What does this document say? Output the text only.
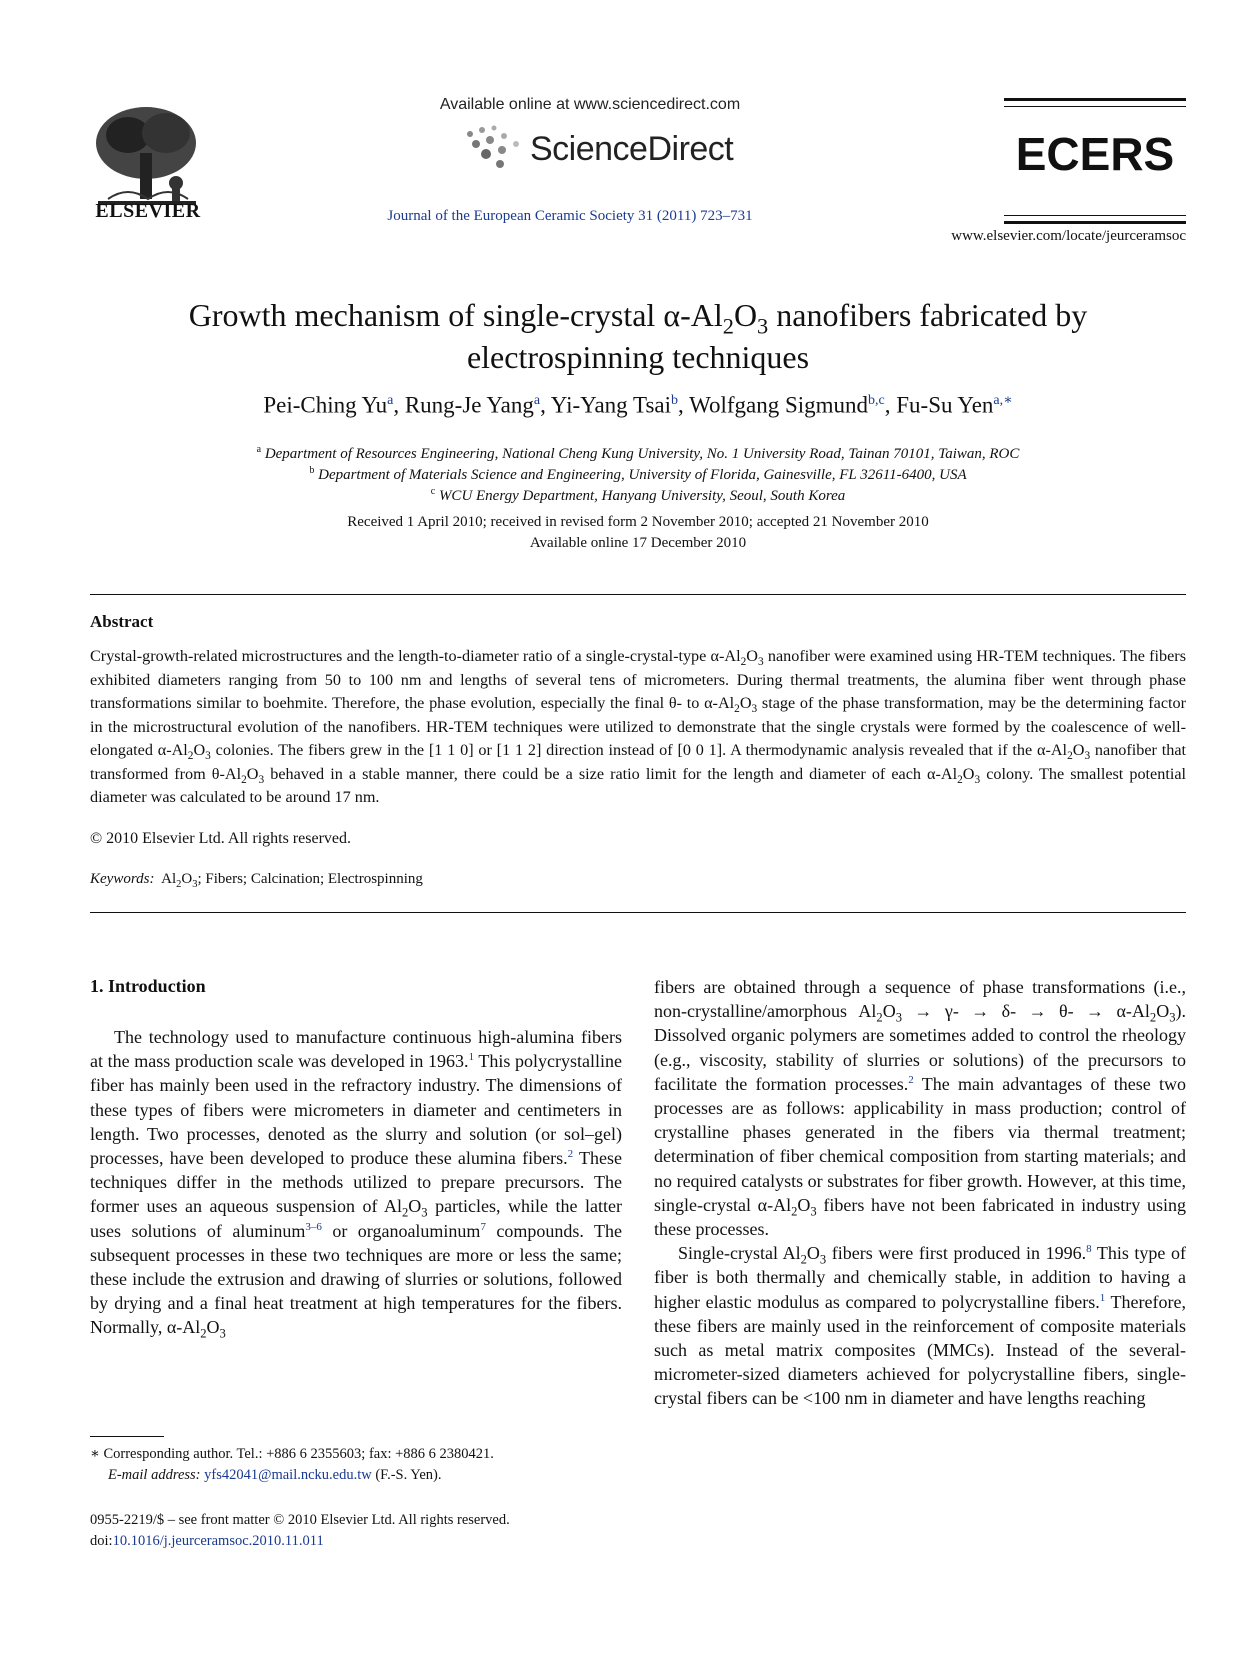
ELSEVIER
Available online at www.sciencedirect.com
ScienceDirect
Journal of the European Ceramic Society 31 (2011) 723–731
ECERS
www.elsevier.com/locate/jeurceramsoc
Growth mechanism of single-crystal $\alpha-Al_2O_3$ nanofibers fabricated by
electrospinning techniques
Pei-Ching Yu$^a$, Rung-Je Yang$^a$, Yi-Yang Tsai$^b$, Wolfgang Sigmund$^{b,c}$, Fu-Su Yen$^{a,∗}$
$^a$ Department of Resources Engineering, National Cheng Kung University, No. 1 University Road, Tainan 70101, Taiwan, ROC
$^b$ Department of Materials Science and Engineering, University of Florida, Gainesville, FL 32611-6400, USA
$^c$ WCU Energy Department, Hanyang University, Seoul, South Korea
Received 1 April 2010; received in revised form 2 November 2010; accepted 21 November 2010
Available online 17 December 2010
Abstract
Crystal-growth-related microstructures and the length-to-diameter ratio of a single-crystal-type $\alpha-Al_2O_3$ nanofiber were examined using HR-TEM techniques. The fibers exhibited diameters ranging from 50 to 100 nm and lengths of several tens of micrometers. During thermal treatments, the alumina fiber went through phase transformations similar to boehmite. Therefore, the phase evolution, especially the final θ- to $\alpha-Al_2O_3$ stage of the phase transformation, may be the determining factor in the microstructural evolution of the nanofibers. HR-TEM techniques were utilized to demonstrate that the single crystals were formed by the coalescence of well-elongated $\alpha-Al_2O_3$ colonies. The fibers grew in the [1 1 0] or [1 1 2] direction instead of [0 0 1]. A thermodynamic analysis revealed that if the $\alpha-Al_2O_3$ nanofiber that transformed from $\theta-Al_2O_3$ behaved in a stable manner, there could be a size ratio limit for the length and diameter of each $\alpha-Al_2O_3$ colony. The smallest potential diameter was calculated to be around 17 nm.
© 2010 Elsevier Ltd. All rights reserved.
Keywords:  $Al_2O_3$; Fibers; Calcination; Electrospinning
1. Introduction
The technology used to manufacture continuous high-alumina fibers at the mass production scale was developed in 1963.$^1$ This polycrystalline fiber has mainly been used in the refractory industry. The dimensions of these types of fibers were micrometers in diameter and centimeters in length. Two processes, denoted as the slurry and solution (or sol–gel) processes, have been developed to produce these alumina fibers.$^2$ These techniques differ in the methods utilized to prepare precursors. The former uses an aqueous suspension of $Al_2O_3$ particles, while the latter uses solutions of aluminum$^{3-6}$ or organoaluminum$^7$ compounds. The subsequent processes in these two techniques are more or less the same; these include the extrusion and drawing of slurries or solutions, followed by drying and a final heat treatment at high temperatures for the fibers. Normally, $\alpha-Al_2O_3$
fibers are obtained through a sequence of phase transformations (i.e., non-crystalline/amorphous $Al_2O_3 \to \gamma- \to \delta- \to \theta- \to \alpha-Al_2O_3$). Dissolved organic polymers are sometimes added to control the rheology (e.g., viscosity, stability of slurries or solutions) of the precursors to facilitate the formation processes.$^2$ The main advantages of these two processes are as follows: applicability in mass production; control of crystalline phases generated in the fibers via thermal treatment; determination of fiber chemical composition from starting materials; and no required catalysts or substrates for fiber growth. However, at this time, single-crystal $\alpha-Al_2O_3$ fibers have not been fabricated in industry using these processes.
Single-crystal $Al_2O_3$ fibers were first produced in 1996.$^8$ This type of fiber is both thermally and chemically stable, in addition to having a higher elastic modulus as compared to polycrystalline fibers.$^1$ Therefore, these fibers are mainly used in the reinforcement of composite materials such as metal matrix composites (MMCs). Instead of the several-micrometer-sized diameters achieved for polycrystalline fibers, single-crystal fibers can be <100 nm in diameter and have lengths reaching
∗ Corresponding author. Tel.: +886 6 2355603; fax: +886 6 2380421.
E-mail address: yfs42041@mail.ncku.edu.tw (F.-S. Yen).
0955-2219/$ – see front matter © 2010 Elsevier Ltd. All rights reserved.
doi:10.1016/j.jeurceramsoc.2010.11.011
